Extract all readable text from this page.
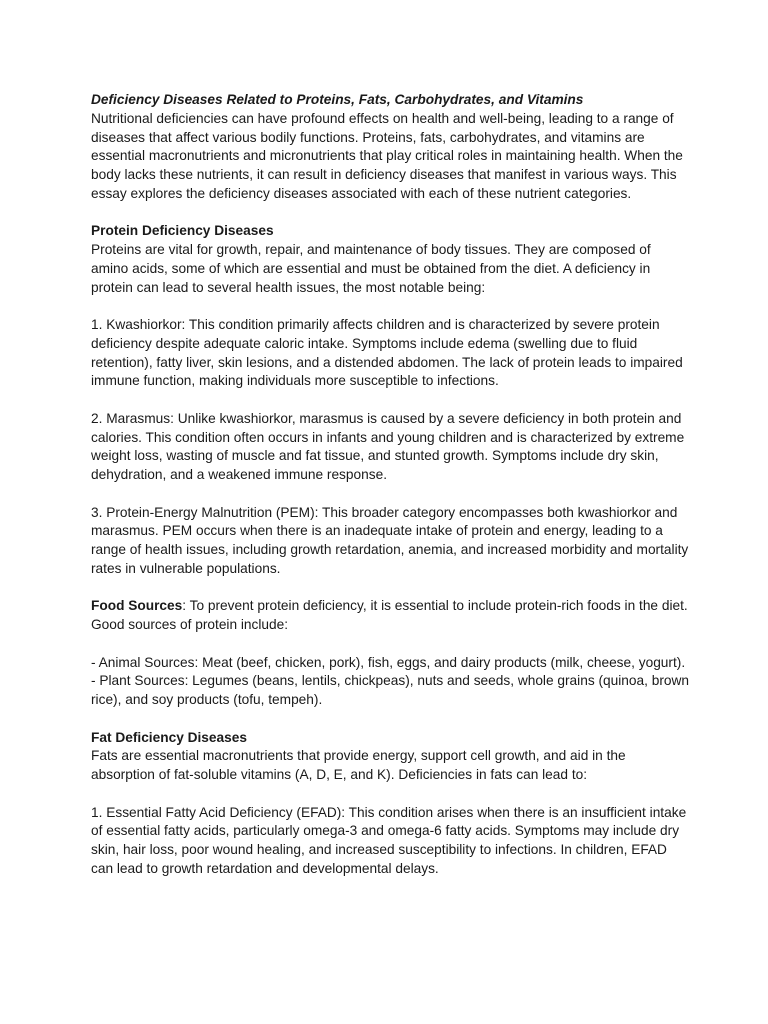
Deficiency Diseases Related to Proteins, Fats, Carbohydrates, and Vitamins
Nutritional deficiencies can have profound effects on health and well-being, leading to a range of diseases that affect various bodily functions. Proteins, fats, carbohydrates, and vitamins are essential macronutrients and micronutrients that play critical roles in maintaining health. When the body lacks these nutrients, it can result in deficiency diseases that manifest in various ways. This essay explores the deficiency diseases associated with each of these nutrient categories.

Protein Deficiency Diseases
Proteins are vital for growth, repair, and maintenance of body tissues. They are composed of amino acids, some of which are essential and must be obtained from the diet. A deficiency in protein can lead to several health issues, the most notable being:

1. Kwashiorkor: This condition primarily affects children and is characterized by severe protein deficiency despite adequate caloric intake. Symptoms include edema (swelling due to fluid retention), fatty liver, skin lesions, and a distended abdomen. The lack of protein leads to impaired immune function, making individuals more susceptible to infections.

2. Marasmus: Unlike kwashiorkor, marasmus is caused by a severe deficiency in both protein and calories. This condition often occurs in infants and young children and is characterized by extreme weight loss, wasting of muscle and fat tissue, and stunted growth. Symptoms include dry skin, dehydration, and a weakened immune response.

3. Protein-Energy Malnutrition (PEM): This broader category encompasses both kwashiorkor and marasmus. PEM occurs when there is an inadequate intake of protein and energy, leading to a range of health issues, including growth retardation, anemia, and increased morbidity and mortality rates in vulnerable populations.

Food Sources: To prevent protein deficiency, it is essential to include protein-rich foods in the diet. Good sources of protein include:

- Animal Sources: Meat (beef, chicken, pork), fish, eggs, and dairy products (milk, cheese, yogurt).
- Plant Sources: Legumes (beans, lentils, chickpeas), nuts and seeds, whole grains (quinoa, brown rice), and soy products (tofu, tempeh).

Fat Deficiency Diseases
Fats are essential macronutrients that provide energy, support cell growth, and aid in the absorption of fat-soluble vitamins (A, D, E, and K). Deficiencies in fats can lead to:

1. Essential Fatty Acid Deficiency (EFAD): This condition arises when there is an insufficient intake of essential fatty acids, particularly omega-3 and omega-6 fatty acids. Symptoms may include dry skin, hair loss, poor wound healing, and increased susceptibility to infections. In children, EFAD can lead to growth retardation and developmental delays.
